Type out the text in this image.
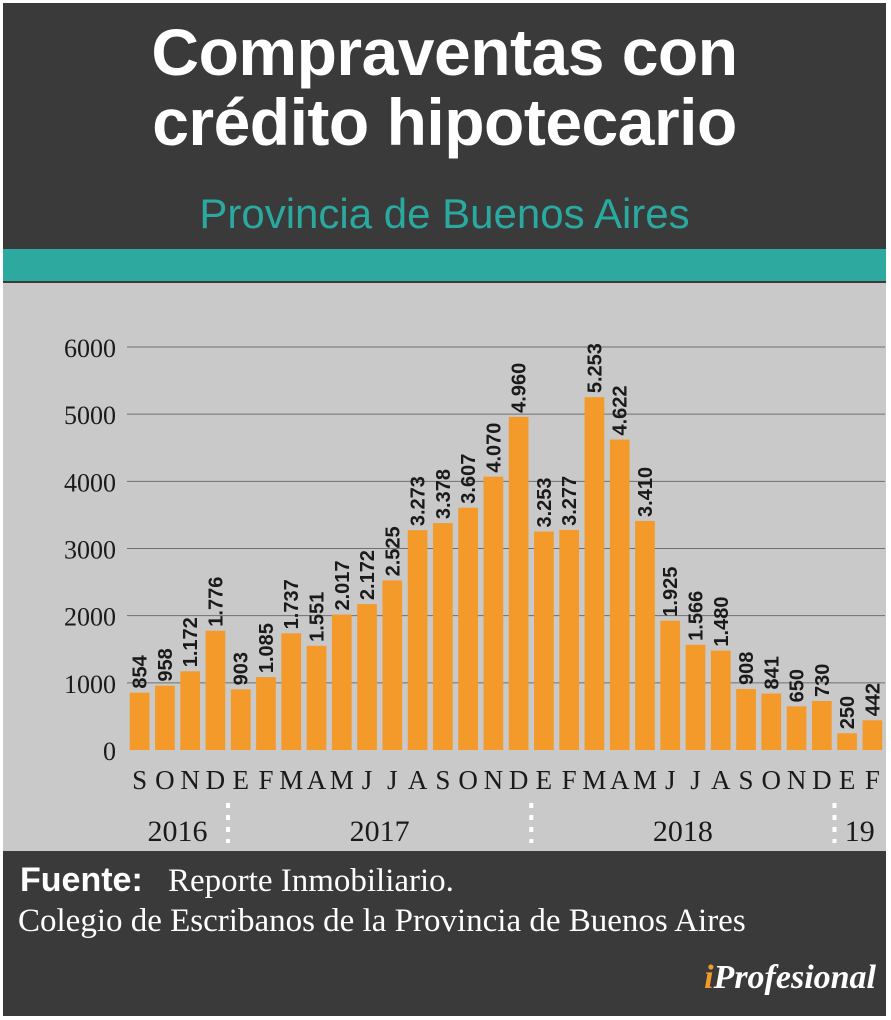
Compraventas con
crédito hipotecario
Provincia de Buenos Aires
0
1000
2000
3000
4000
5000
6000
854
S
958
O
1.172
N
1.776
D
903
E
1.085
F
1.737
M
1.551
A
2.017
M
2.172
J
2.525
J
3.273
A
3.378
S
3.607
O
4.070
N
4.960
D
3.253
E
3.277
F
5.253
M
4.622
A
3.410
M
1.925
J
1.566
J
1.480
A
908
S
841
O
650
N
730
D
250
E
442
F
2016	2017	2018	19
Fuente: Reporte Inmobiliario.
Colegio de Escribanos de la Provincia de Buenos Aires
iProfesional
